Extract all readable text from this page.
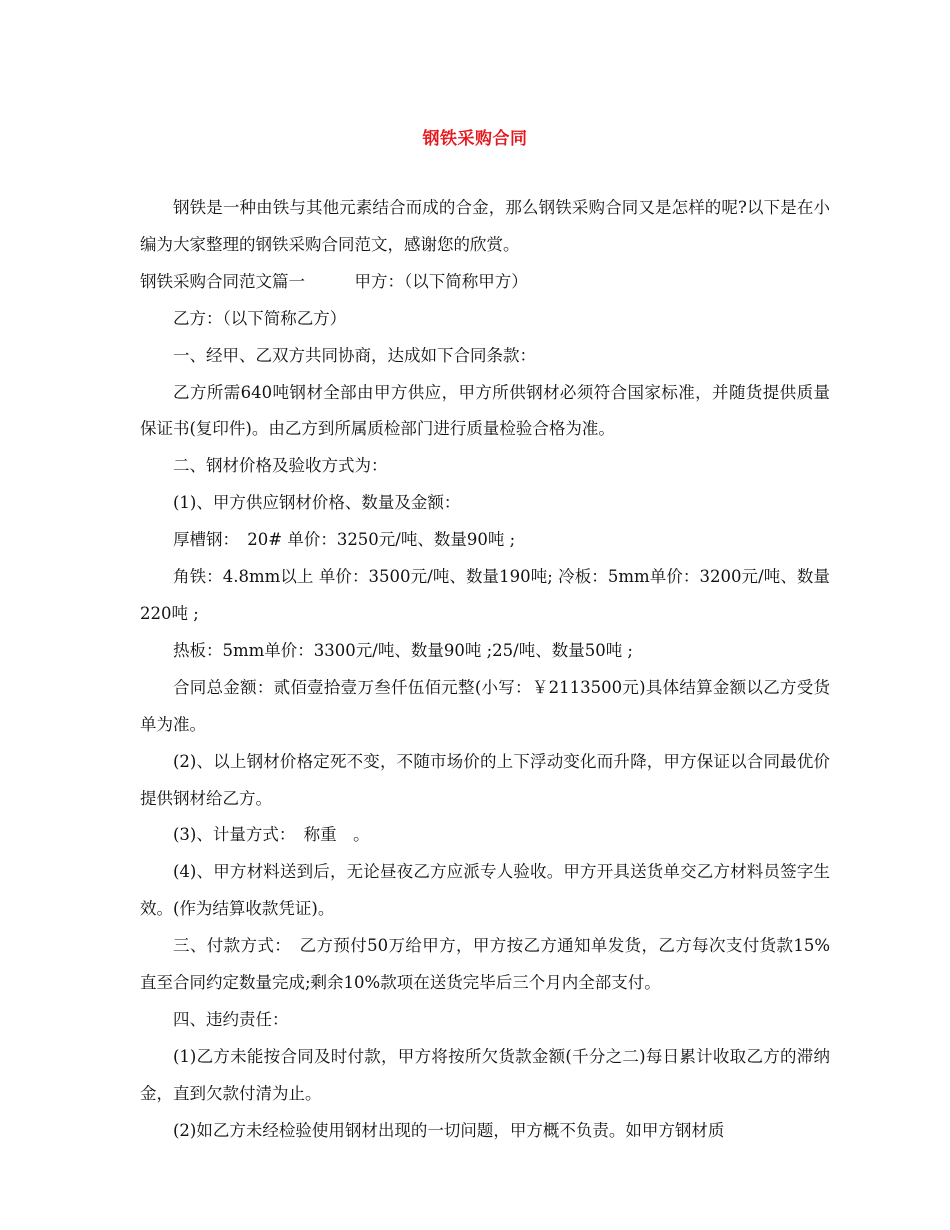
钢铁采购合同

钢铁是一种由铁与其他元素结合而成的合金，那么钢铁采购合同又是怎样的呢?以下是在小编为大家整理的钢铁采购合同范文，感谢您的欣赏。

钢铁采购合同范文篇一　　　甲方：（以下简称甲方）

乙方：（以下简称乙方）

一、经甲、乙双方共同协商，达成如下合同条款：

乙方所需640吨钢材全部由甲方供应，甲方所供钢材必须符合国家标准，并随货提供质量保证书(复印件)。由乙方到所属质检部门进行质量检验合格为准。

二、钢材价格及验收方式为：

(1)、甲方供应钢材价格、数量及金额：

厚槽钢：　20# 单价：3250元/吨、数量90吨 ;

角铁：4.8mm以上 单价：3500元/吨、数量190吨; 冷板：5mm单价：3200元/吨、数量220吨 ;

热板：5mm单价：3300元/吨、数量90吨 ;25/吨、数量50吨 ;

合同总金额：贰佰壹拾壹万叁仟伍佰元整(小写：￥2113500元)具体结算金额以乙方受货单为准。

(2)、以上钢材价格定死不变，不随市场价的上下浮动变化而升降，甲方保证以合同最优价提供钢材给乙方。

(3)、计量方式：　称重　。

(4)、甲方材料送到后，无论昼夜乙方应派专人验收。甲方开具送货单交乙方材料员签字生效。(作为结算收款凭证)。

三、付款方式：　乙方预付50万给甲方，甲方按乙方通知单发货，乙方每次支付货款15%直至合同约定数量完成;剩余10%款项在送货完毕后三个月内全部支付。

四、违约责任：

(1)乙方未能按合同及时付款，甲方将按所欠货款金额(千分之二)每日累计收取乙方的滞纳金，直到欠款付清为止。

(2)如乙方未经检验使用钢材出现的一切问题，甲方概不负责。如甲方钢材质
